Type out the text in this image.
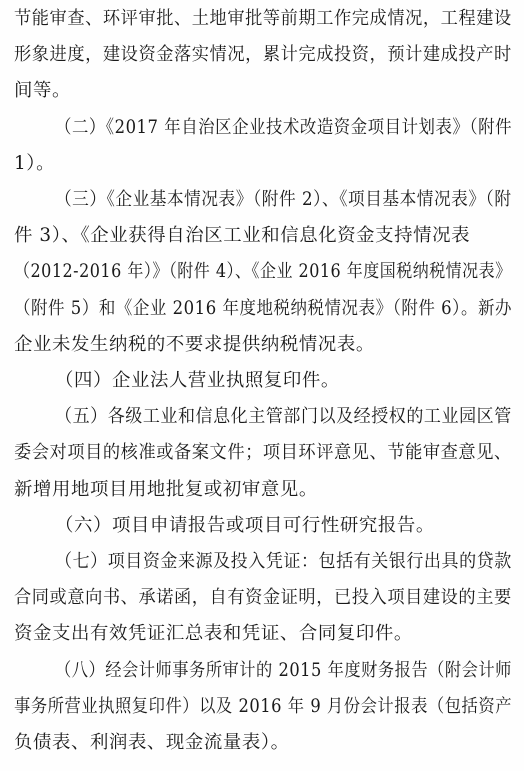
节能审查、环评审批、土地审批等前期工作完成情况，工程建设
形象进度，建设资金落实情况，累计完成投资，预计建成投产时
间等。
（二）《2017 年自治区企业技术改造资金项目计划表》（附件
1）。
（三）《企业基本情况表》（附件 2）、《项目基本情况表》（附
件 3）、《企业获得自治区工业和信息化资金支持情况表
（2012-2016 年）》（附件 4）、《企业 2016 年度国税纳税情况表》
（附件 5）和《企业 2016 年度地税纳税情况表》（附件 6）。新办
企业未发生纳税的不要求提供纳税情况表。
（四）企业法人营业执照复印件。
（五）各级工业和信息化主管部门以及经授权的工业园区管
委会对项目的核准或备案文件；项目环评意见、节能审查意见、
新增用地项目用地批复或初审意见。
（六）项目申请报告或项目可行性研究报告。
（七）项目资金来源及投入凭证：包括有关银行出具的贷款
合同或意向书、承诺函，自有资金证明，已投入项目建设的主要
资金支出有效凭证汇总表和凭证、合同复印件。
（八）经会计师事务所审计的 2015 年度财务报告（附会计师
事务所营业执照复印件）以及 2016 年 9 月份会计报表（包括资产
负债表、利润表、现金流量表）。
